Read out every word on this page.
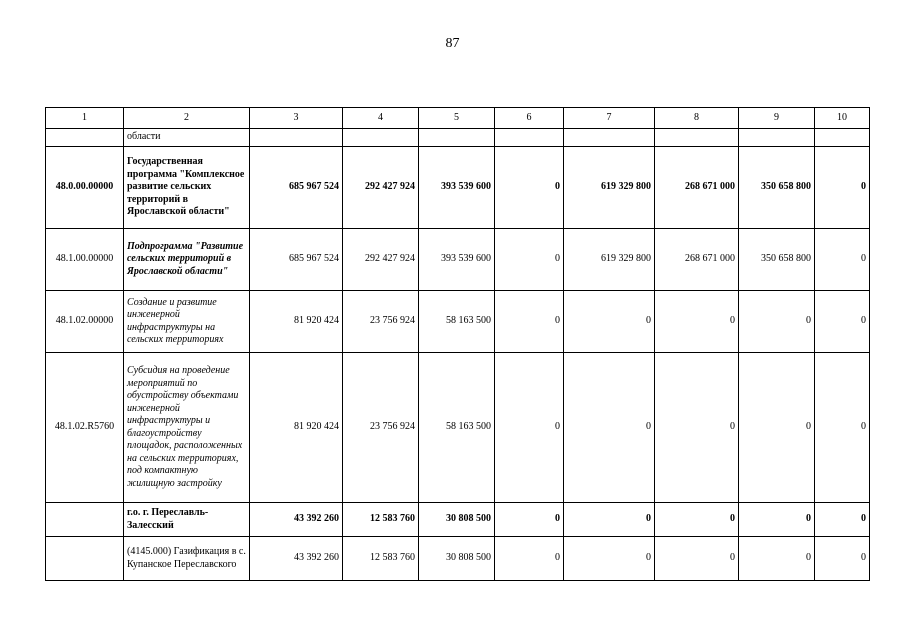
87
1	2	3	4	5	6	7	8	9	10
	области								
48.0.00.00000	Государственная программа "Комплексное развитие сельских территорий в Ярославской области"	685 967 524	292 427 924	393 539 600	0	619 329 800	268 671 000	350 658 800	0
48.1.00.00000	Подпрограмма "Развитие сельских территорий в Ярославской области"	685 967 524	292 427 924	393 539 600	0	619 329 800	268 671 000	350 658 800	0
48.1.02.00000	Создание и развитие инженерной инфраструктуры на сельских территориях	81 920 424	23 756 924	58 163 500	0	0	0	0	0
48.1.02.R5760	Субсидия на проведение мероприятий по обустройству объектами инженерной инфраструктуры и благоустройству площадок, расположенных на сельских территориях, под компактную жилищную застройку	81 920 424	23 756 924	58 163 500	0	0	0	0	0
	г.о. г. Переславль-Залесский	43 392 260	12 583 760	30 808 500	0	0	0	0	0
	(4145.000) Газификация в с. Купанское Переславского	43 392 260	12 583 760	30 808 500	0	0	0	0	0
